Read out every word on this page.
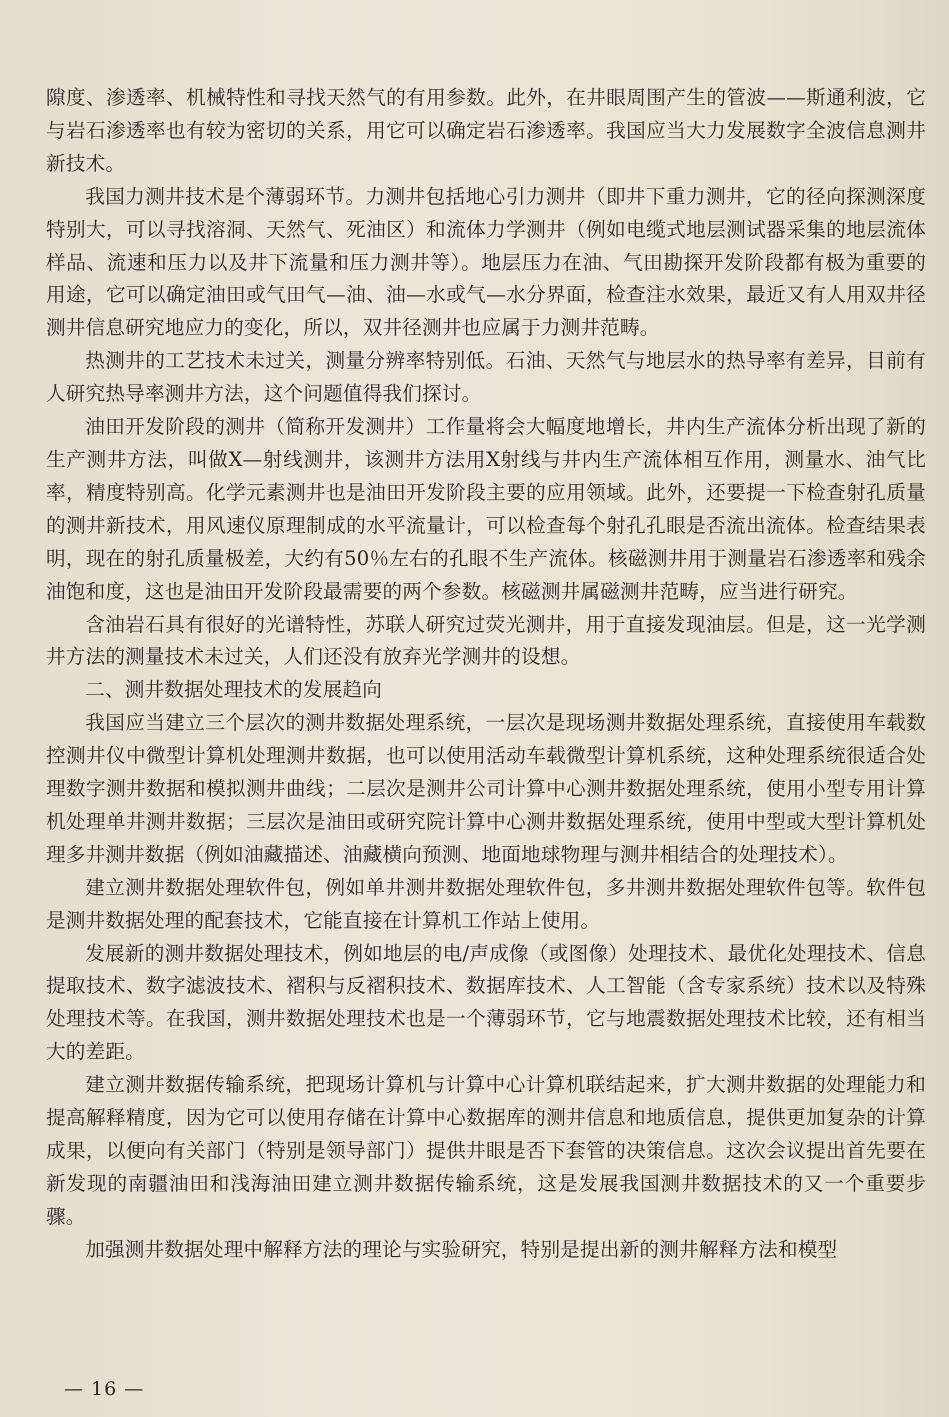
隙度、渗透率、机械特性和寻找天然气的有用参数。此外，在井眼周围产生的管波——斯通利波，它与岩石渗透率也有较为密切的关系，用它可以确定岩石渗透率。我国应当大力发展数字全波信息测井新技术。

我国力测井技术是个薄弱环节。力测井包括地心引力测井（即井下重力测井，它的径向探测深度特别大，可以寻找溶洞、天然气、死油区）和流体力学测井（例如电缆式地层测试器采集的地层流体样品、流速和压力以及井下流量和压力测井等）。地层压力在油、气田勘探开发阶段都有极为重要的用途，它可以确定油田或气田气—油、油—水或气—水分界面，检查注水效果，最近又有人用双井径测井信息研究地应力的变化，所以，双井径测井也应属于力测井范畴。

热测井的工艺技术未过关，测量分辨率特别低。石油、天然气与地层水的热导率有差异，目前有人研究热导率测井方法，这个问题值得我们探讨。

油田开发阶段的测井（简称开发测井）工作量将会大幅度地增长，井内生产流体分析出现了新的生产测井方法，叫做X—射线测井，该测井方法用X射线与井内生产流体相互作用，测量水、油气比率，精度特别高。化学元素测井也是油田开发阶段主要的应用领域。此外，还要提一下检查射孔质量的测井新技术，用风速仪原理制成的水平流量计，可以检查每个射孔孔眼是否流出流体。检查结果表明，现在的射孔质量极差，大约有50％左右的孔眼不生产流体。核磁测井用于测量岩石渗透率和残余油饱和度，这也是油田开发阶段最需要的两个参数。核磁测井属磁测井范畴，应当进行研究。

含油岩石具有很好的光谱特性，苏联人研究过荧光测井，用于直接发现油层。但是，这一光学测井方法的测量技术未过关，人们还没有放弃光学测井的设想。

二、测井数据处理技术的发展趋向

我国应当建立三个层次的测井数据处理系统，一层次是现场测井数据处理系统，直接使用车载数控测井仪中微型计算机处理测井数据，也可以使用活动车载微型计算机系统，这种处理系统很适合处理数字测井数据和模拟测井曲线；二层次是测井公司计算中心测井数据处理系统，使用小型专用计算机处理单井测井数据；三层次是油田或研究院计算中心测井数据处理系统，使用中型或大型计算机处理多井测井数据（例如油藏描述、油藏横向预测、地面地球物理与测井相结合的处理技术）。

建立测井数据处理软件包，例如单井测井数据处理软件包，多井测井数据处理软件包等。软件包是测井数据处理的配套技术，它能直接在计算机工作站上使用。

发展新的测井数据处理技术，例如地层的电/声成像（或图像）处理技术、最优化处理技术、信息提取技术、数字滤波技术、褶积与反褶积技术、数据库技术、人工智能（含专家系统）技术以及特殊处理技术等。在我国，测井数据处理技术也是一个薄弱环节，它与地震数据处理技术比较，还有相当大的差距。

建立测井数据传输系统，把现场计算机与计算中心计算机联结起来，扩大测井数据的处理能力和提高解释精度，因为它可以使用存储在计算中心数据库的测井信息和地质信息，提供更加复杂的计算成果，以便向有关部门（特别是领导部门）提供井眼是否下套管的决策信息。这次会议提出首先要在新发现的南疆油田和浅海油田建立测井数据传输系统，这是发展我国测井数据技术的又一个重要步骤。

加强测井数据处理中解释方法的理论与实验研究，特别是提出新的测井解释方法和模型

— 16 —
